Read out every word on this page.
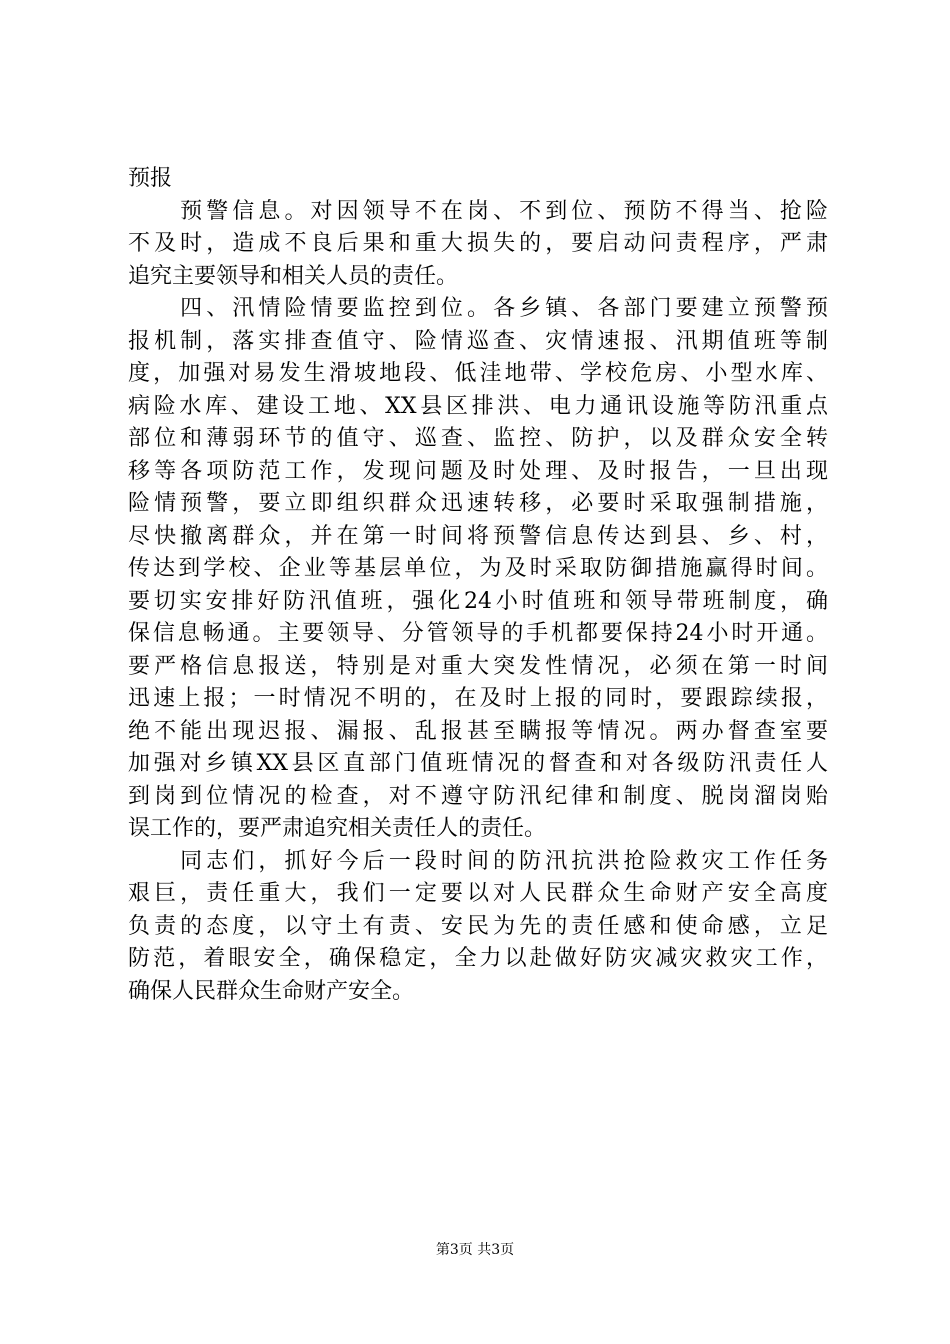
预报
　　预警信息。对因领导不在岗、不到位、预防不得当、抢险
不及时，造成不良后果和重大损失的，要启动问责程序，严肃
追究主要领导和相关人员的责任。
　　四、汛情险情要监控到位。各乡镇、各部门要建立预警预
报机制，落实排查值守、险情巡查、灾情速报、汛期值班等制
度，加强对易发生滑坡地段、低洼地带、学校危房、小型水库、
病险水库、建设工地、XX县区排洪、电力通讯设施等防汛重点
部位和薄弱环节的值守、巡查、监控、防护，以及群众安全转
移等各项防范工作，发现问题及时处理、及时报告，一旦出现
险情预警，要立即组织群众迅速转移，必要时采取强制措施，
尽快撤离群众，并在第一时间将预警信息传达到县、乡、村，
传达到学校、企业等基层单位，为及时采取防御措施赢得时间。
要切实安排好防汛值班，强化24小时值班和领导带班制度，确
保信息畅通。主要领导、分管领导的手机都要保持24小时开通。
要严格信息报送，特别是对重大突发性情况，必须在第一时间
迅速上报；一时情况不明的，在及时上报的同时，要跟踪续报，
绝不能出现迟报、漏报、乱报甚至瞒报等情况。两办督查室要
加强对乡镇XX县区直部门值班情况的督查和对各级防汛责任人
到岗到位情况的检查，对不遵守防汛纪律和制度、脱岗溜岗贻
误工作的，要严肃追究相关责任人的责任。
　　同志们，抓好今后一段时间的防汛抗洪抢险救灾工作任务
艰巨，责任重大，我们一定要以对人民群众生命财产安全高度
负责的态度，以守土有责、安民为先的责任感和使命感，立足
防范，着眼安全，确保稳定，全力以赴做好防灾减灾救灾工作，
确保人民群众生命财产安全。
第3页 共3页
